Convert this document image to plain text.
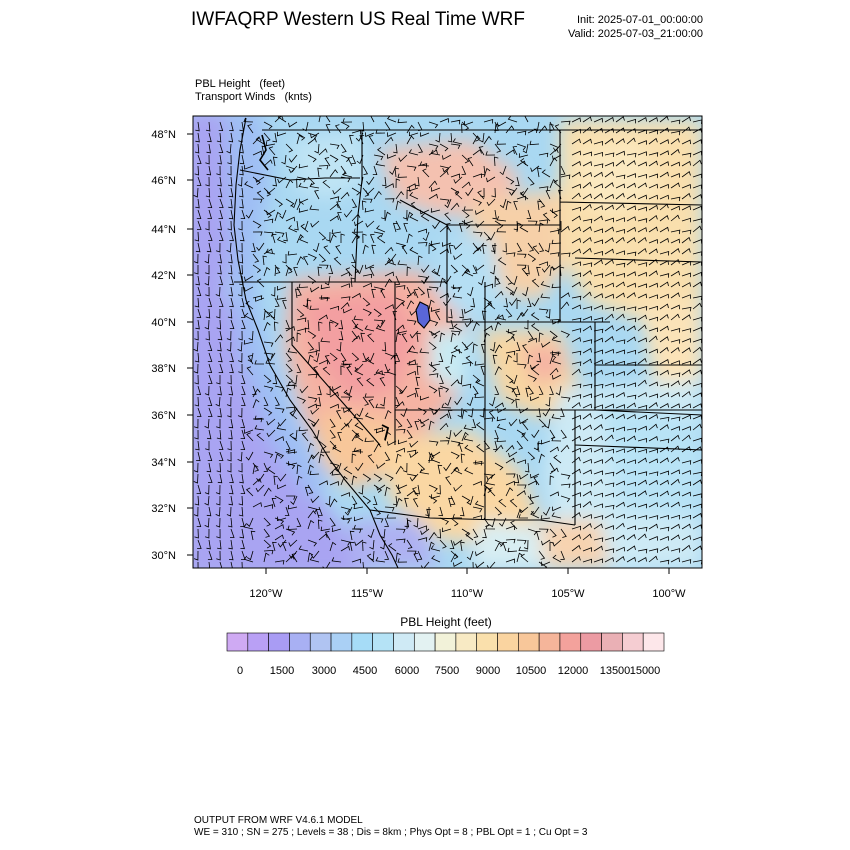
IWFAQRP Western US Real Time WRF	Init: 2025-07-01_00:00:00
Valid: 2025-07-03_21:00:00
PBL Height   (feet)
Transport Winds   (knts)
48°N
46°N
44°N
42°N
40°N
38°N
36°N
34°N
32°N
30°N
120°W	115°W	110°W	105°W	100°W
PBL Height (feet)
0 1500 3000 4500 6000 7500 9000 10500 12000 13500 15000
OUTPUT FROM WRF V4.6.1 MODEL
WE = 310 ; SN = 275 ; Levels = 38 ; Dis = 8km ; Phys Opt = 8 ; PBL Opt = 1 ; Cu Opt = 3
